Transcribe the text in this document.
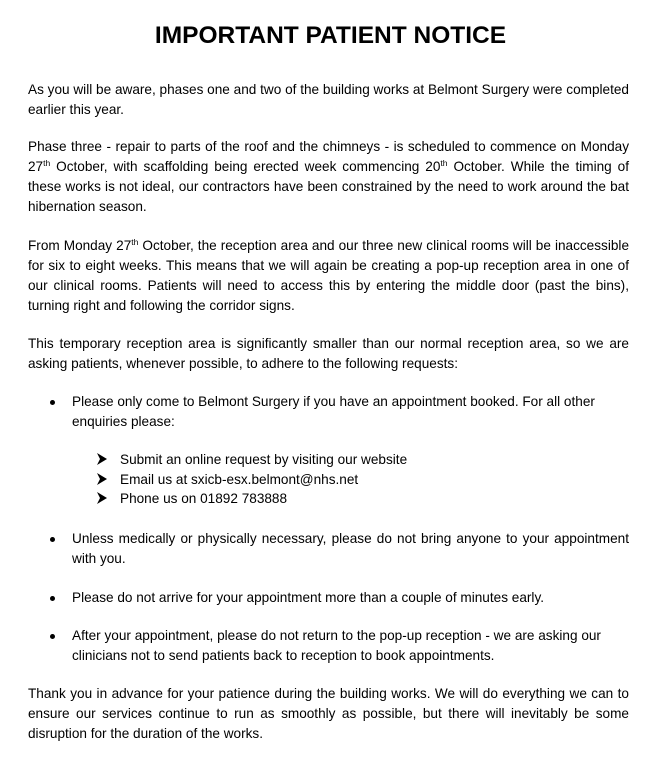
IMPORTANT PATIENT NOTICE

As you will be aware, phases one and two of the building works at Belmont Surgery were completed earlier this year.

Phase three - repair to parts of the roof and the chimneys - is scheduled to commence on Monday 27th October, with scaffolding being erected week commencing 20th October. While the timing of these works is not ideal, our contractors have been constrained by the need to work around the bat hibernation season.

From Monday 27th October, the reception area and our three new clinical rooms will be inaccessible for six to eight weeks. This means that we will again be creating a pop-up reception area in one of our clinical rooms. Patients will need to access this by entering the middle door (past the bins), turning right and following the corridor signs.

This temporary reception area is significantly smaller than our normal reception area, so we are asking patients, whenever possible, to adhere to the following requests:

Please only come to Belmont Surgery if you have an appointment booked. For all other enquiries please:

Submit an online request by visiting our website
Email us at sxicb-esx.belmont@nhs.net
Phone us on 01892 783888

Unless medically or physically necessary, please do not bring anyone to your appointment with you.

Please do not arrive for your appointment more than a couple of minutes early.

After your appointment, please do not return to the pop-up reception - we are asking our clinicians not to send patients back to reception to book appointments.

Thank you in advance for your patience during the building works. We will do everything we can to ensure our services continue to run as smoothly as possible, but there will inevitably be some disruption for the duration of the works.
